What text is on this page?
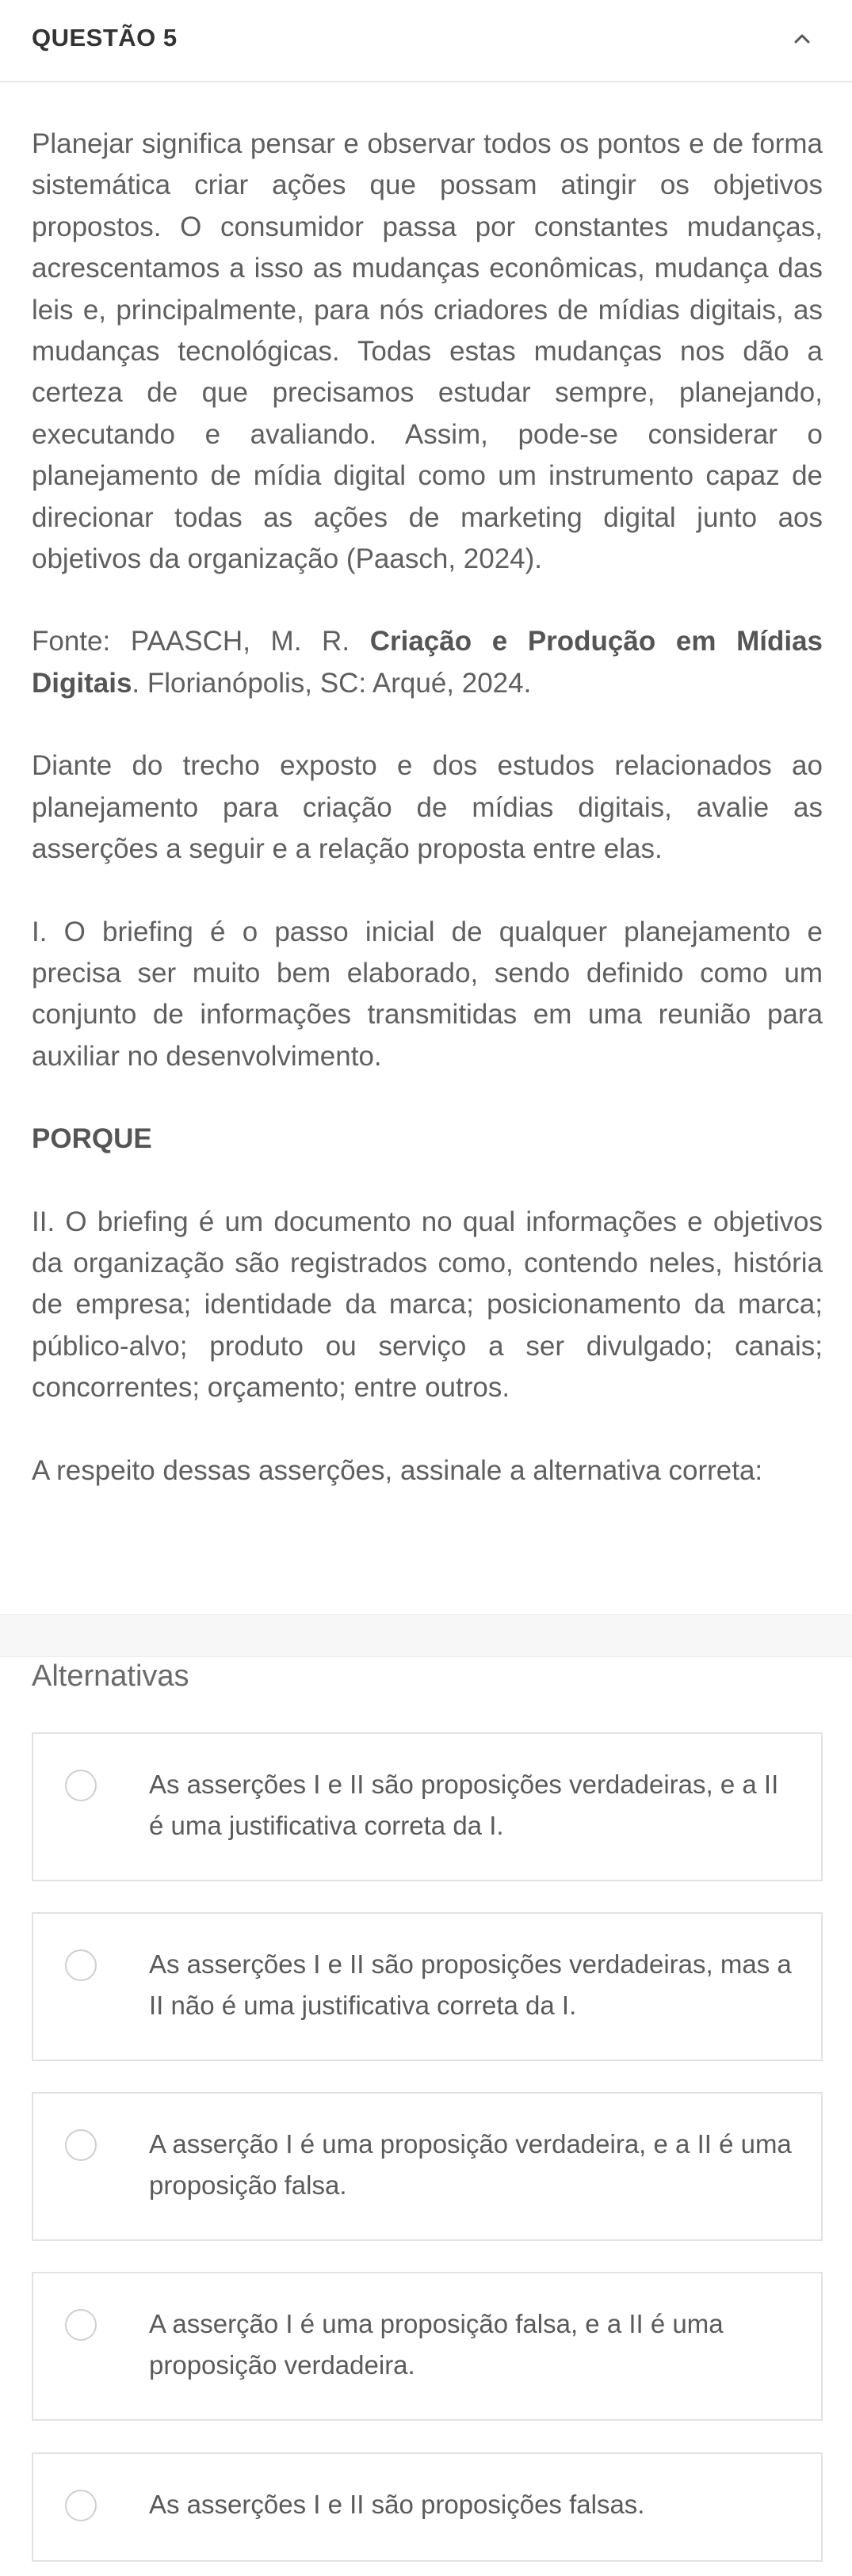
QUESTÃO 5

Planejar significa pensar e observar todos os pontos e de forma sistemática criar ações que possam atingir os objetivos propostos. O consumidor passa por constantes mudanças, acrescentamos a isso as mudanças econômicas, mudança das leis e, principalmente, para nós criadores de mídias digitais, as mudanças tecnológicas. Todas estas mudanças nos dão a certeza de que precisamos estudar sempre, planejando, executando e avaliando. Assim, pode-se considerar o planejamento de mídia digital como um instrumento capaz de direcionar todas as ações de marketing digital junto aos objetivos da organização (Paasch, 2024).

Fonte: PAASCH, M. R. Criação e Produção em Mídias Digitais. Florianópolis, SC: Arqué, 2024.

Diante do trecho exposto e dos estudos relacionados ao planejamento para criação de mídias digitais, avalie as asserções a seguir e a relação proposta entre elas.

I. O briefing é o passo inicial de qualquer planejamento e precisa ser muito bem elaborado, sendo definido como um conjunto de informações transmitidas em uma reunião para auxiliar no desenvolvimento.

PORQUE

II. O briefing é um documento no qual informações e objetivos da organização são registrados como, contendo neles, história de empresa; identidade da marca; posicionamento da marca; público-alvo; produto ou serviço a ser divulgado; canais; concorrentes; orçamento; entre outros.

A respeito dessas asserções, assinale a alternativa correta:

Alternativas
As asserções I e II são proposições verdadeiras, e a II é uma justificativa correta da I.
As asserções I e II são proposições verdadeiras, mas a II não é uma justificativa correta da I.
A asserção I é uma proposição verdadeira, e a II é uma proposição falsa.
A asserção I é uma proposição falsa, e a II é uma proposição verdadeira.
As asserções I e II são proposições falsas.
